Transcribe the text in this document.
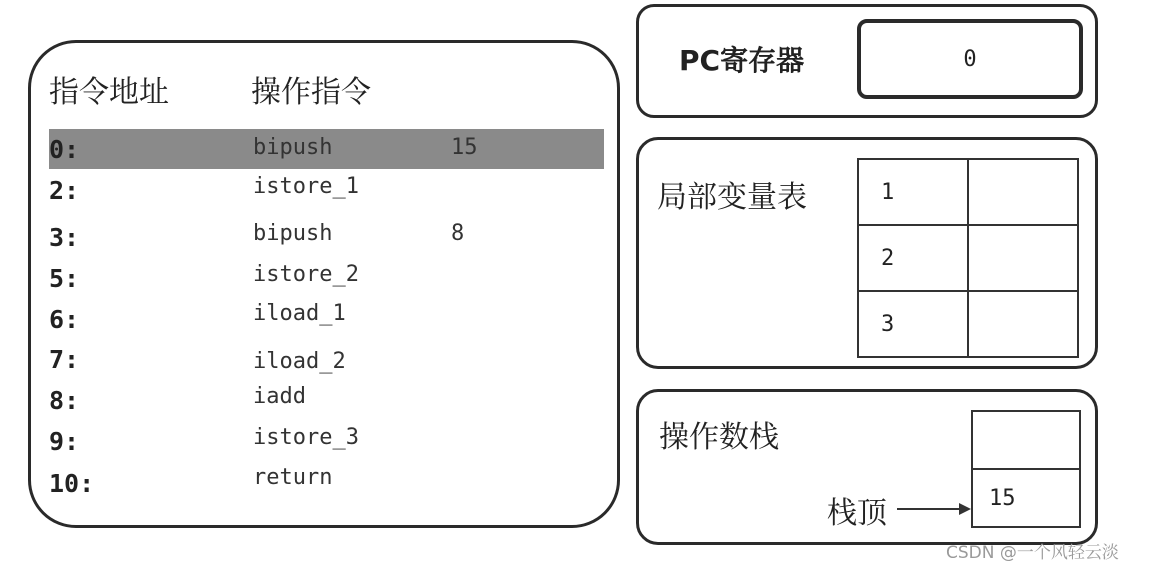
指令地址	操作指令
0:	bipush	15
2:	istore_1
3:	bipush	8
5:	istore_2
6:	iload_1
7:	iload_2
8:	iadd
9:	istore_3
10:	return
PC寄存器	0
局部变量表	1	
2	
3	
操作数栈

15
栈顶
CSDN @一个风轻云淡
